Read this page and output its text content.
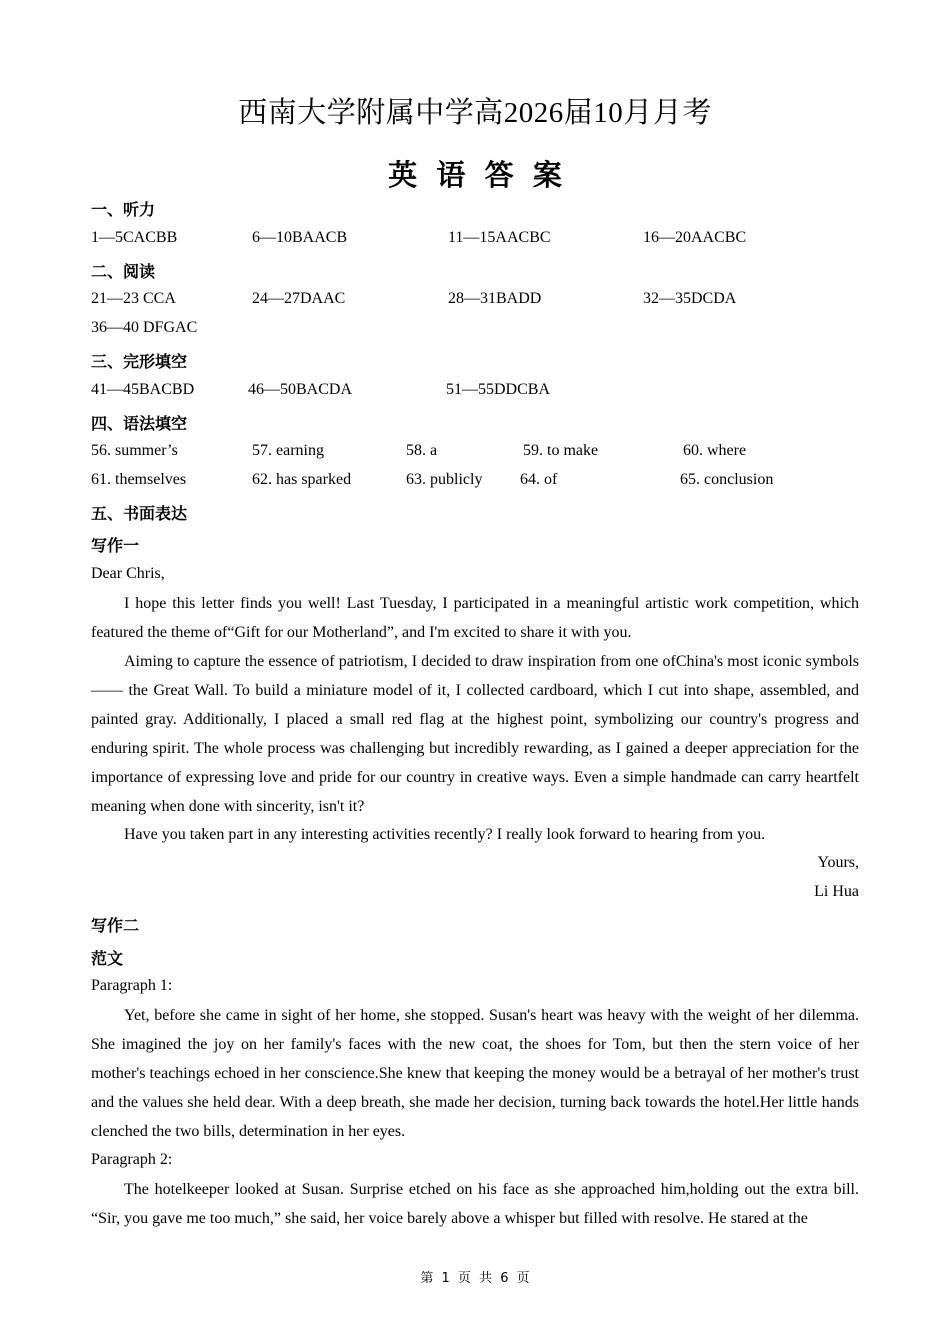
西南大学附属中学高2026届10月月考
英 语 答 案
一、听力
1—5CACBB	6—10BAACB	11—15AACBC	16—20AACBC
二、阅读
21—23 CCA	24—27DAAC	28—31BADD	32—35DCDA
36—40 DFGAC
三、完形填空
41—45BACBD	46—50BACDA	51—55DDCBA
四、语法填空
56. summer’s	57. earning	58. a	59. to make	60. where
61. themselves	62. has sparked	63. publicly 64. of	65. conclusion
五、书面表达
写作一
Dear Chris,
I hope this letter finds you well! Last Tuesday, I participated in a meaningful artistic work competition, which featured the theme of“Gift for our Motherland”, and I'm excited to share it with you.
Aiming to capture the essence of patriotism, I decided to draw inspiration from one ofChina's most iconic symbols—— the Great Wall. To build a miniature model of it, I collected cardboard, which I cut into shape, assembled, and painted gray. Additionally, I placed a small red flag at the highest point, symbolizing our country's progress and enduring spirit. The whole process was challenging but incredibly rewarding, as I gained a deeper appreciation for the importance of expressing love and pride for our country in creative ways. Even a simple handmade can carry heartfelt meaning when done with sincerity, isn't it?
Have you taken part in any interesting activities recently? I really look forward to hearing from you.
Yours,
Li Hua
写作二
范文
Paragraph 1:
Yet, before she came in sight of her home, she stopped. Susan's heart was heavy with the weight of her dilemma. She imagined the joy on her family's faces with the new coat, the shoes for Tom, but then the stern voice of her mother's teachings echoed in her conscience.She knew that keeping the money would be a betrayal of her mother's trust and the values she held dear. With a deep breath, she made her decision, turning back towards the hotel.Her little hands clenched the two bills, determination in her eyes.
Paragraph 2:
The hotelkeeper looked at Susan. Surprise etched on his face as she approached him,holding out the extra bill. “Sir, you gave me too much,” she said, her voice barely above a whisper but filled with resolve. He stared at the
第 1 页 共 6 页
